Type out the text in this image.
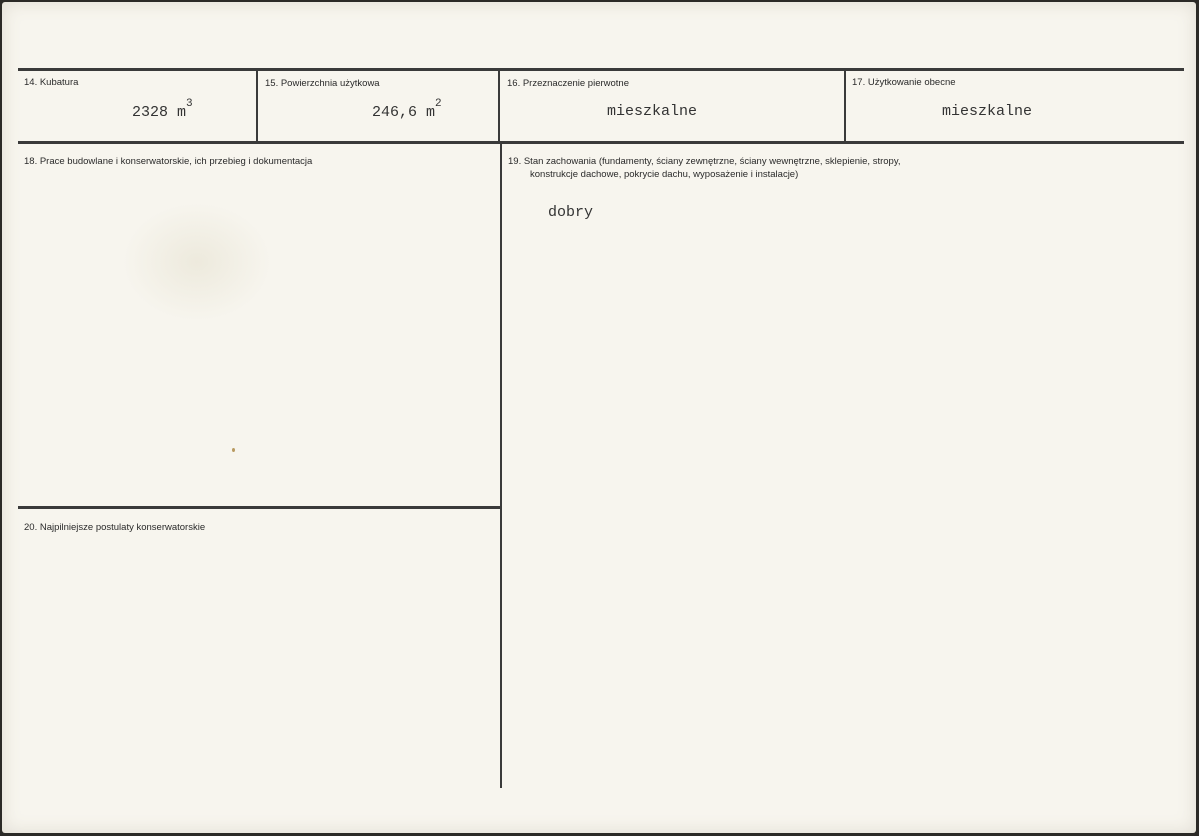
14. Kubatura
2328 $m^3$
15. Powierzchnia użytkowa
246,6 $m^2$
16. Przeznaczenie pierwotne
mieszkalne
17. Użytkowanie obecne
mieszkalne
18. Prace budowlane i konserwatorskie, ich przebieg i dokumentacja	19. Stan zachowania (fundamenty, ściany zewnętrzne, ściany wewnętrzne, sklepienie, stropy,
konstrukcje dachowe, pokrycie dachu, wyposażenie i instalacje)
dobry
20. Najpilniejsze postulaty konserwatorskie
